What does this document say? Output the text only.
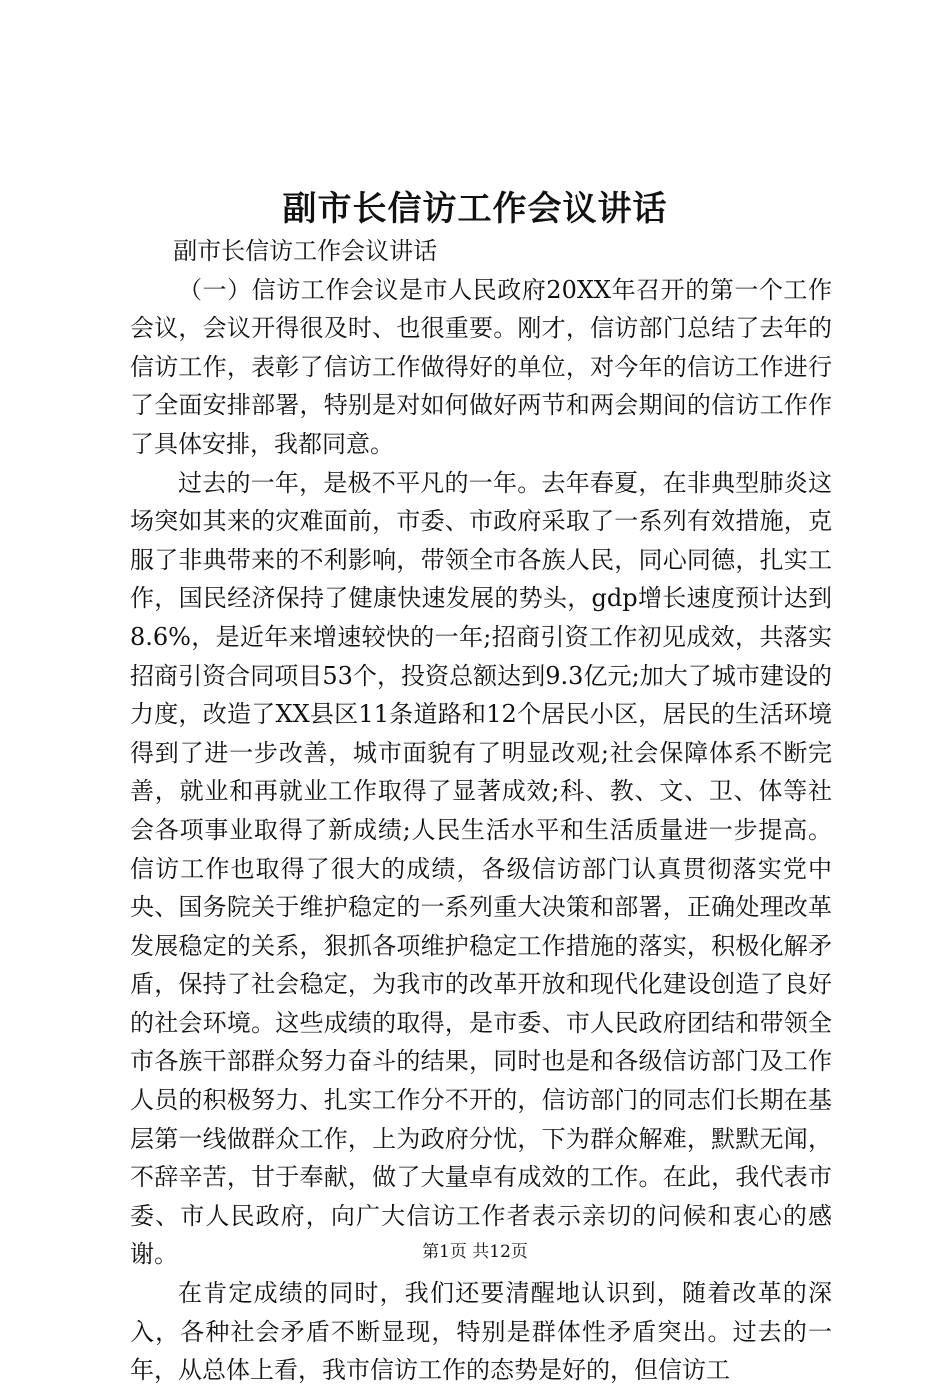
副市长信访工作会议讲话

副市长信访工作会议讲话

（一）信访工作会议是市人民政府20XX年召开的第一个工作会议，会议开得很及时、也很重要。刚才，信访部门总结了去年的信访工作，表彰了信访工作做得好的单位，对今年的信访工作进行了全面安排部署，特别是对如何做好两节和两会期间的信访工作作了具体安排，我都同意。

过去的一年，是极不平凡的一年。去年春夏，在非典型肺炎这场突如其来的灾难面前，市委、市政府采取了一系列有效措施，克服了非典带来的不利影响，带领全市各族人民，同心同德，扎实工作，国民经济保持了健康快速发展的势头，gdp增长速度预计达到8.6%，是近年来增速较快的一年;招商引资工作初见成效，共落实招商引资合同项目53个，投资总额达到9.3亿元;加大了城市建设的力度，改造了XX县区11条道路和12个居民小区，居民的生活环境得到了进一步改善，城市面貌有了明显改观;社会保障体系不断完善，就业和再就业工作取得了显著成效;科、教、文、卫、体等社会各项事业取得了新成绩;人民生活水平和生活质量进一步提高。信访工作也取得了很大的成绩，各级信访部门认真贯彻落实党中央、国务院关于维护稳定的一系列重大决策和部署，正确处理改革发展稳定的关系，狠抓各项维护稳定工作措施的落实，积极化解矛盾，保持了社会稳定，为我市的改革开放和现代化建设创造了良好的社会环境。这些成绩的取得，是市委、市人民政府团结和带领全市各族干部群众努力奋斗的结果，同时也是和各级信访部门及工作人员的积极努力、扎实工作分不开的，信访部门的同志们长期在基层第一线做群众工作，上为政府分忧，下为群众解难，默默无闻，不辞辛苦，甘于奉献，做了大量卓有成效的工作。在此，我代表市委、市人民政府，向广大信访工作者表示亲切的问候和衷心的感谢。

在肯定成绩的同时，我们还要清醒地认识到，随着改革的深入，各种社会矛盾不断显现，特别是群体性矛盾突出。过去的一年，从总体上看，我市信访工作的态势是好的，但信访工

第1页 共12页
